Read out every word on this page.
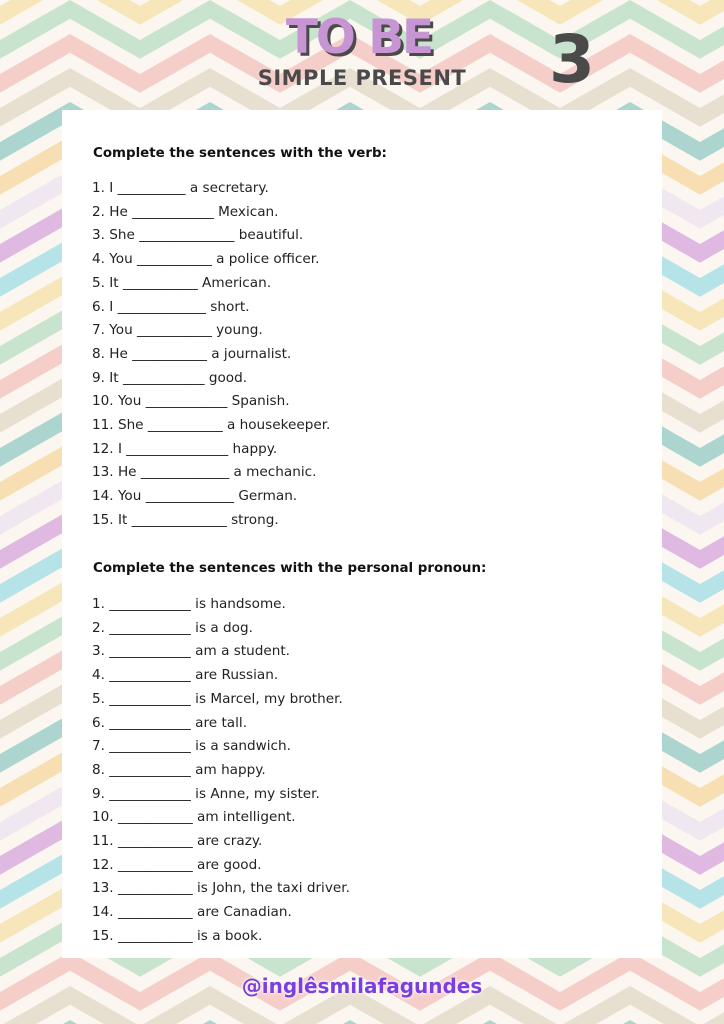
TO BE
SIMPLE PRESENT	3
Complete the sentences with the verb:
1. I __________ a secretary.
2. He ____________ Mexican.
3. She ______________ beautiful.
4. You ___________ a police officer.
5. It ___________ American.
6. I _____________ short.
7. You ___________ young.
8. He ___________ a journalist.
9. It ____________ good.
10. You ____________ Spanish.
11. She ___________ a housekeeper.
12. I _______________ happy.
13. He _____________ a mechanic.
14. You _____________ German.
15. It ______________ strong.
Complete the sentences with the personal pronoun:
1. ____________ is handsome.
2. ____________ is a dog.
3. ____________ am a student.
4. ____________ are Russian.
5. ____________ is Marcel, my brother.
6. ____________ are tall.
7. ____________ is a sandwich.
8. ____________ am happy.
9. ____________ is Anne, my sister.
10. ___________ am intelligent.
11. ___________ are crazy.
12. ___________ are good.
13. ___________ is John, the taxi driver.
14. ___________ are Canadian.
15. ___________ is a book.
@inglêsmilafagundes
